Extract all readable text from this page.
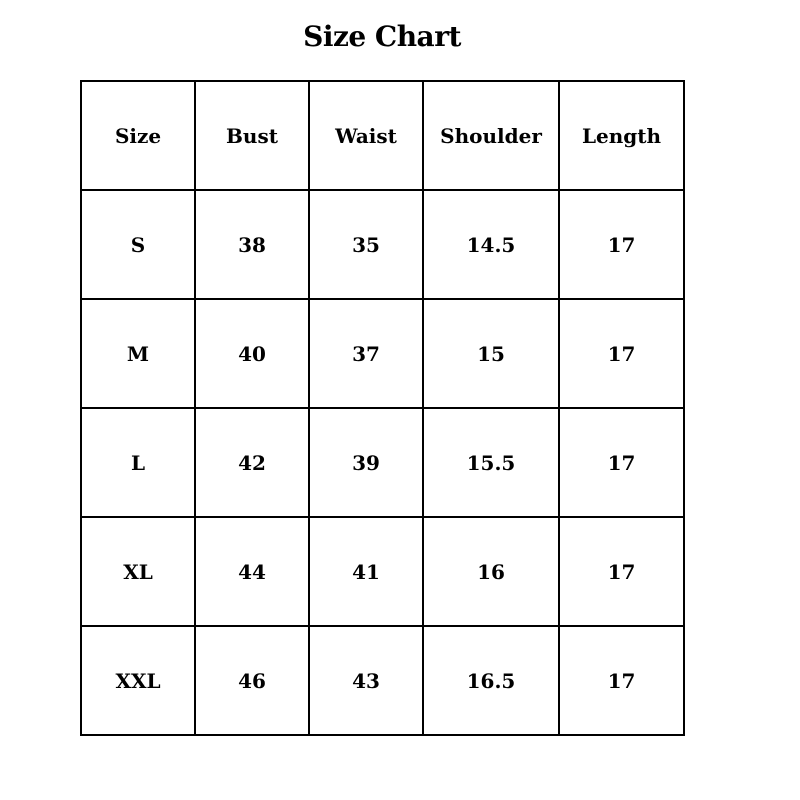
Size Chart
Size	Bust	Waist	Shoulder	Length
S	38	35	14.5	17
M	40	37	15	17
L	42	39	15.5	17
XL	44	41	16	17
XXL	46	43	16.5	17
